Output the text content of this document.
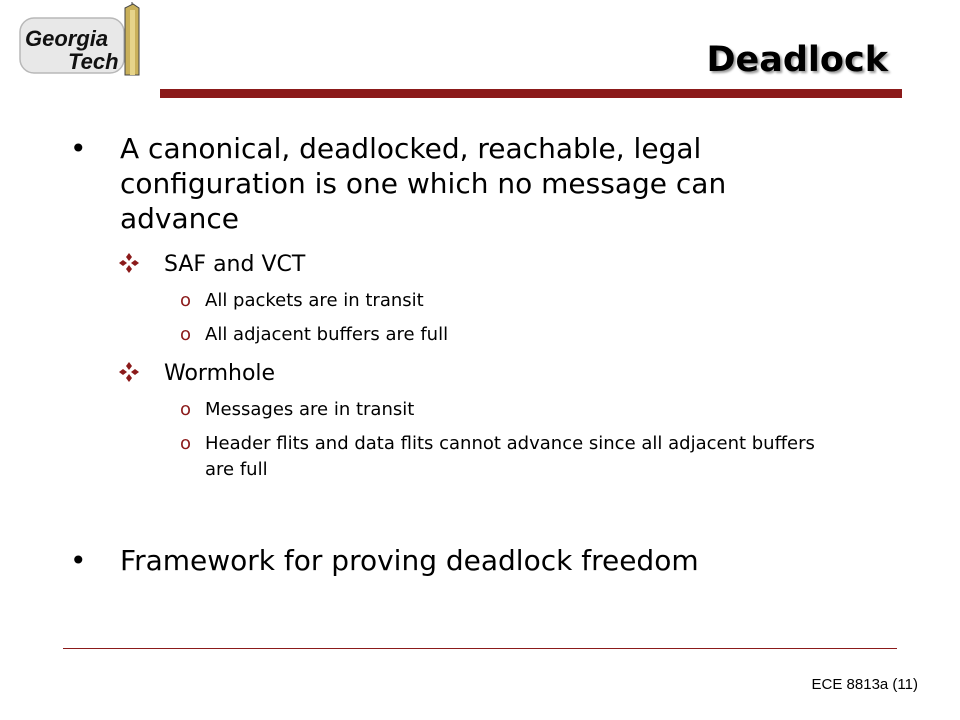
Georgia
Tech	Deadlock
•	A canonical, deadlocked, reachable, legal configuration is one which no message can advance
SAF and VCT
o All packets are in transit
o All adjacent buffers are full
Wormhole
o Messages are in transit
o Header flits and data flits cannot advance since all adjacent buffers are full
•	Framework for proving deadlock freedom
ECE 8813a (11)
